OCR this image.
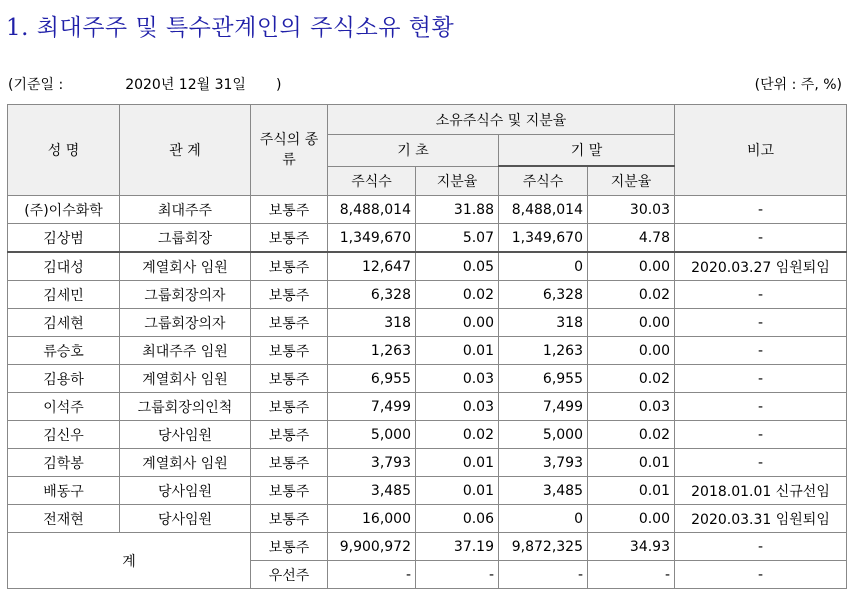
1. 최대주주 및 특수관계인의 주식소유 현황
(기준일 :	2020년 12월 31일 )	(단위 : 주, %)
성 명	관 계	주식의 종류	소유주식수 및 지분율				비고
			기 초		기 말		
			주식수	지분율	주식수	지분율	
(주)이수화학	최대주주	보통주	8,488,014	31.88	8,488,014	30.03	-
김상범	그룹회장	보통주	1,349,670	5.07	1,349,670	4.78	-
김대성	계열회사 임원	보통주	12,647	0.05	0	0.00	2020.03.27 임원퇴임
김세민	그룹회장의자	보통주	6,328	0.02	6,328	0.02	-
김세현	그룹회장의자	보통주	318	0.00	318	0.00	-
류승호	최대주주 임원	보통주	1,263	0.01	1,263	0.00	-
김용하	계열회사 임원	보통주	6,955	0.03	6,955	0.02	-
이석주	그룹회장의인척	보통주	7,499	0.03	7,499	0.03	-
김신우	당사임원	보통주	5,000	0.02	5,000	0.02	-
김학봉	계열회사 임원	보통주	3,793	0.01	3,793	0.01	-
배동구	당사임원	보통주	3,485	0.01	3,485	0.01	2018.01.01 신규선임
전재현	당사임원	보통주	16,000	0.06	0	0.00	2020.03.31 임원퇴임
계		보통주	9,900,972	37.19	9,872,325	34.93	-
		우선주	-	-	-	-	-
